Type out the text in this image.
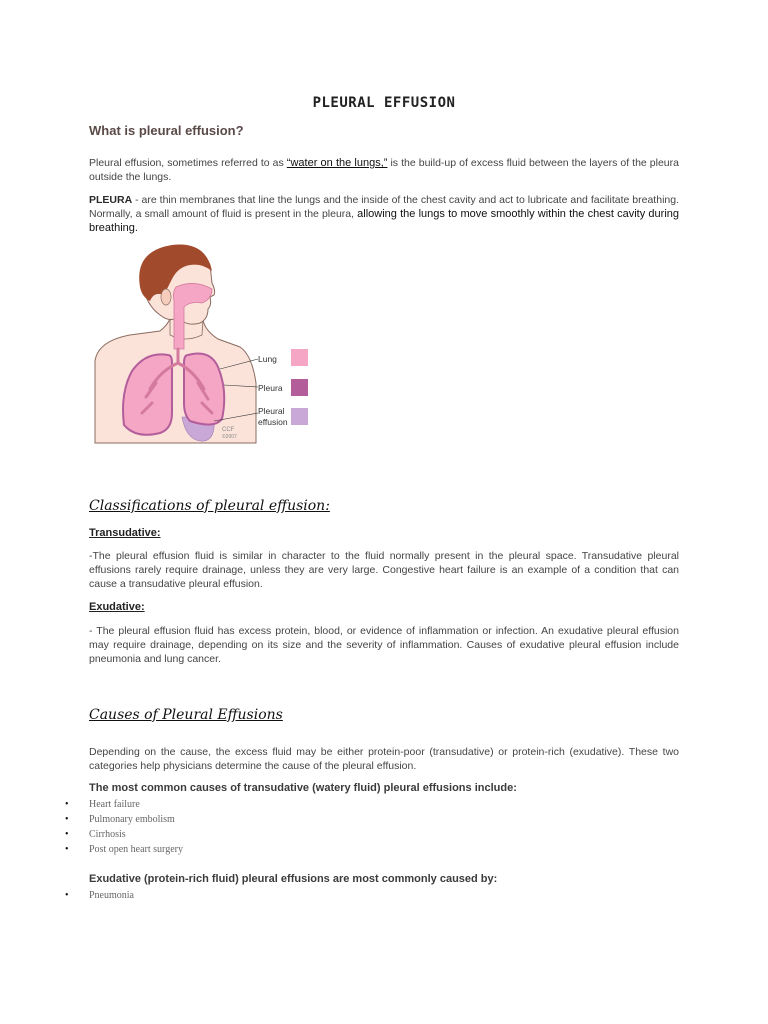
PLEURAL EFFUSION
What is pleural effusion?
Pleural effusion, sometimes referred to as “water on the lungs,” is the build-up of excess fluid between the layers of the pleura outside the lungs.
PLEURA - are thin membranes that line the lungs and the inside of the chest cavity and act to lubricate and facilitate breathing. Normally, a small amount of fluid is present in the pleura, allowing the lungs to move smoothly within the chest cavity during breathing.
Lung
Pleura
Pleural
effusion
CCF
©2007
Classifications of pleural effusion:
Transudative:
-The pleural effusion fluid is similar in character to the fluid normally present in the pleural space. Transudative pleural effusions rarely require drainage, unless they are very large. Congestive heart failure is an example of a condition that can cause a transudative pleural effusion.
Exudative:
- The pleural effusion fluid has excess protein, blood, or evidence of inflammation or infection. An exudative pleural effusion may require drainage, depending on its size and the severity of inflammation. Causes of exudative pleural effusion include pneumonia and lung cancer.
Causes of Pleural Effusions
Depending on the cause, the excess fluid may be either protein-poor (transudative) or protein-rich (exudative). These two categories help physicians determine the cause of the pleural effusion.
The most common causes of transudative (watery fluid) pleural effusions include:
• Heart failure
• Pulmonary embolism
• Cirrhosis
• Post open heart surgery
Exudative (protein-rich fluid) pleural effusions are most commonly caused by:
• Pneumonia
